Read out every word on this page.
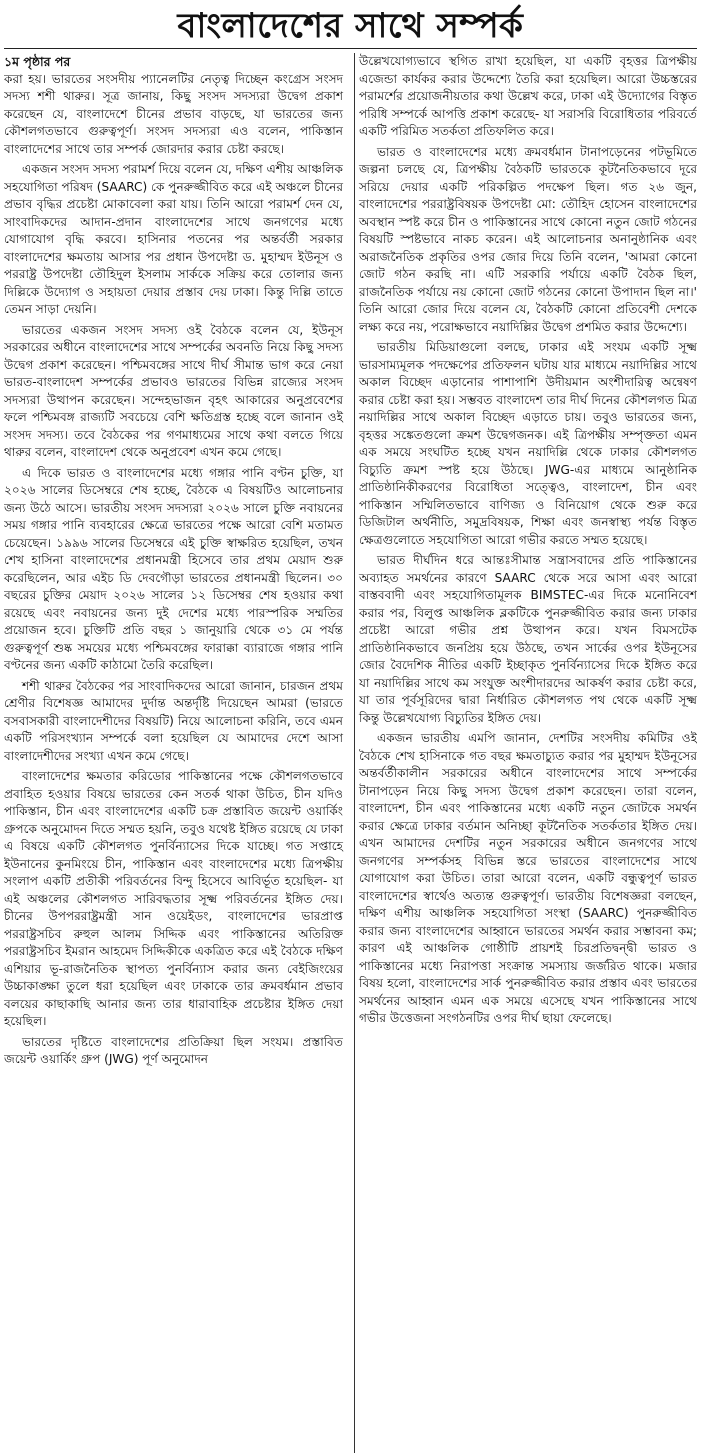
বাংলাদেশের সাথে সম্পর্ক

১ম পৃষ্ঠার পর

করা হয়। ভারতের সংসদীয় প্যানেলটির নেতৃত্ব দিচ্ছেন কংগ্রেস সংসদ সদস্য শশী থারুর। সূত্র জানায়, কিছু সংসদ সদস্যরা উদ্বেগ প্রকাশ করেছেন যে, বাংলাদেশে চীনের প্রভাব বাড়ছে, যা ভারতের জন্য কৌশলগতভাবে গুরুত্বপূর্ণ। সংসদ সদস্যরা এও বলেন, পাকিস্তান বাংলাদেশের সাথে তার সম্পর্ক জোরদার করার চেষ্টা করছে।

একজন সংসদ সদস্য পরামর্শ দিয়ে বলেন যে, দক্ষিণ এশীয় আঞ্চলিক সহযোগিতা পরিষদ (SAARC) কে পুনরুজ্জীবিত করে এই অঞ্চলে চীনের প্রভাব বৃদ্ধির প্রচেষ্টা মোকাবেলা করা যায়। তিনি আরো পরামর্শ দেন যে, সাংবাদিকদের আদান-প্রদান বাংলাদেশের সাথে জনগণের মধ্যে যোগাযোগ বৃদ্ধি করবে। হাসিনার পতনের পর অন্তর্বর্তী সরকার বাংলাদেশের ক্ষমতায় আসার পর প্রধান উপদেষ্টা ড. মুহাম্মদ ইউনূস ও পররাষ্ট্র উপদেষ্টা তৌহিদুল ইসলাম সার্ককে সক্রিয় করে তোলার জন্য দিল্লিকে উদ্যোগ ও সহায়তা দেয়ার প্রস্তাব দেয় ঢাকা। কিন্তু দিল্লি তাতে তেমন সাড়া দেয়নি।

ভারতের একজন সংসদ সদস্য ওই বৈঠকে বলেন যে, ইউনূস সরকারের অধীনে বাংলাদেশের সাথে সম্পর্কের অবনতি নিয়ে কিছু সদস্য উদ্বেগ প্রকাশ করেছেন। পশ্চিমবঙ্গের সাথে দীর্ঘ সীমান্ত ভাগ করে নেয়া ভারত-বাংলাদেশ সম্পর্কের প্রভাবও ভারতের বিভিন্ন রাজ্যের সংসদ সদস্যরা উত্থাপন করেছেন। সন্দেহভাজন বৃহৎ আকারের অনুপ্রবেশের ফলে পশ্চিমবঙ্গ রাজ্যটি সবচেয়ে বেশি ক্ষতিগ্রস্ত হচ্ছে বলে জানান ওই সংসদ সদস্য। তবে বৈঠকের পর গণমাধ্যমের সাথে কথা বলতে গিয়ে থারুর বলেন, বাংলাদেশ থেকে অনুপ্রবেশ এখন কমে গেছে।

এ দিকে ভারত ও বাংলাদেশের মধ্যে গঙ্গার পানি বণ্টন চুক্তি, যা ২০২৬ সালের ডিসেম্বরে শেষ হচ্ছে, বৈঠকে এ বিষয়টিও আলোচনার জন্য উঠে আসে। ভারতীয় সংসদ সদস্যরা ২০২৬ সালে চুক্তি নবায়নের সময় গঙ্গার পানি ব্যবহারের ক্ষেত্রে ভারতের পক্ষে আরো বেশি মতামত চেয়েছেন। ১৯৯৬ সালের ডিসেম্বরে এই চুক্তি স্বাক্ষরিত হয়েছিল, তখন শেখ হাসিনা বাংলাদেশের প্রধানমন্ত্রী হিসেবে তার প্রথম মেয়াদ শুরু করেছিলেন, আর এইচ ডি দেবগৌড়া ভারতের প্রধানমন্ত্রী ছিলেন। ৩০ বছরের চুক্তির মেয়াদ ২০২৬ সালের ১২ ডিসেম্বর শেষ হওয়ার কথা রয়েছে এবং নবায়নের জন্য দুই দেশের মধ্যে পারস্পরিক সম্মতির প্রয়োজন হবে। চুক্তিটি প্রতি বছর ১ জানুয়ারি থেকে ৩১ মে পর্যন্ত গুরুত্বপূর্ণ শুষ্ক সময়ের মধ্যে পশ্চিমবঙ্গের ফারাক্কা ব্যারাজে গঙ্গার পানি বণ্টনের জন্য একটি কাঠামো তৈরি করেছিল।

শশী থারুর বৈঠকের পর সাংবাদিকদের আরো জানান, চারজন প্রথম শ্রেণীর বিশেষজ্ঞ আমাদের দুর্দান্ত অন্তর্দৃষ্টি দিয়েছেন আমরা (ভারতে বসবাসকারী বাংলাদেশীদের বিষয়টি) নিয়ে আলোচনা করিনি, তবে এমন একটি পরিসংখ্যান সম্পর্কে বলা হয়েছিল যে আমাদের দেশে আসা বাংলাদেশীদের সংখ্যা এখন কমে গেছে।

বাংলাদেশের ক্ষমতার করিডোর পাকিস্তানের পক্ষে কৌশলগতভাবে প্রবাহিত হওয়ার বিষয়ে ভারতের কেন সতর্ক থাকা উচিত, চীন যদিও পাকিস্তান, চীন এবং বাংলাদেশের একটি চক্র প্রস্তাবিত জয়েন্ট ওয়ার্কিং গ্রুপকে অনুমোদন দিতে সম্মত হয়নি, তবুও যথেষ্ট ইঙ্গিত রয়েছে যে ঢাকা এ বিষয়ে একটি কৌশলগত পুনর্বিন্যাসের দিকে যাচ্ছে। গত সপ্তাহে ইউনানের কুনমিংয়ে চীন, পাকিস্তান এবং বাংলাদেশের মধ্যে ত্রিপক্ষীয় সংলাপ একটি প্রতীকী পরিবর্তনের বিন্দু হিসেবে আবির্ভূত হয়েছিল- যা এই অঞ্চলের কৌশলগত সারিবদ্ধতার সূক্ষ্ম পরিবর্তনের ইঙ্গিত দেয়। চীনের উপপররাষ্ট্রমন্ত্রী সান ওয়েইডং, বাংলাদেশের ভারপ্রাপ্ত পররাষ্ট্রসচিব রুহুল আলম সিদ্দিক এবং পাকিস্তানের অতিরিক্ত পররাষ্ট্রসচিব ইমরান আহমেদ সিদ্দিকীকে একত্রিত করে এই বৈঠকে দক্ষিণ এশিয়ার ভূ-রাজনৈতিক স্থাপত্য পুনর্বিন্যাস করার জন্য বেইজিংয়ের উচ্চাকাঙ্ক্ষা তুলে ধরা হয়েছিল এবং ঢাকাকে তার ক্রমবর্ধমান প্রভাব বলয়ের কাছাকাছি আনার জন্য তার ধারাবাহিক প্রচেষ্টার ইঙ্গিত দেয়া হয়েছিল।

ভারতের দৃষ্টিতে বাংলাদেশের প্রতিক্রিয়া ছিল সংযম। প্রস্তাবিত জয়েন্ট ওয়ার্কিং গ্রুপ (JWG) পূর্ণ অনুমোদন

উল্লেখযোগ্যভাবে স্থগিত রাখা হয়েছিল, যা একটি বৃহত্তর ত্রিপক্ষীয় এজেন্ডা কার্যকর করার উদ্দেশ্যে তৈরি করা হয়েছিল। আরো উচ্চস্তরের পরামর্শের প্রয়োজনীয়তার কথা উল্লেখ করে, ঢাকা এই উদ্যোগের বিস্তৃত পরিধি সম্পর্কে আপত্তি প্রকাশ করেছে- যা সরাসরি বিরোধিতার পরিবর্তে একটি পরিমিত সতর্কতা প্রতিফলিত করে।

ভারত ও বাংলাদেশের মধ্যে ক্রমবর্ধমান টানাপড়েনের পটভূমিতে জল্পনা চলছে যে, ত্রিপক্ষীয় বৈঠকটি ভারতকে কূটনৈতিকভাবে দূরে সরিয়ে দেয়ার একটি পরিকল্পিত পদক্ষেপ ছিল। গত ২৬ জুন, বাংলাদেশের পররাষ্ট্রবিষয়ক উপদেষ্টা মো: তৌহিদ হোসেন বাংলাদেশের অবস্থান স্পষ্ট করে চীন ও পাকিস্তানের সাথে কোনো নতুন জোট গঠনের বিষয়টি স্পষ্টভাবে নাকচ করেন। এই আলোচনার অনানুষ্ঠানিক এবং অরাজনৈতিক প্রকৃতির ওপর জোর দিয়ে তিনি বলেন, 'আমরা কোনো জোট গঠন করছি না। এটি সরকারি পর্যায়ে একটি বৈঠক ছিল, রাজনৈতিক পর্যায়ে নয় কোনো জোট গঠনের কোনো উপাদান ছিল না।' তিনি আরো জোর দিয়ে বলেন যে, বৈঠকটি কোনো প্রতিবেশী দেশকে লক্ষ্য করে নয়, পরোক্ষভাবে নয়াদিল্লির উদ্বেগ প্রশমিত করার উদ্দেশ্যে।

ভারতীয় মিডিয়াগুলো বলছে, ঢাকার এই সংযম একটি সূক্ষ্ম ভারসাম্যমূলক পদক্ষেপের প্রতিফলন ঘটায় যার মাধ্যমে নয়াদিল্লির সাথে অকাল বিচ্ছেদ এড়ানোর পাশাপাশি উদীয়মান অংশীদারিত্ব অন্বেষণ করার চেষ্টা করা হয়। সম্ভবত বাংলাদেশ তার দীর্ঘ দিনের কৌশলগত মিত্র নয়াদিল্লির সাথে অকাল বিচ্ছেদ এড়াতে চায়। তবুও ভারতের জন্য, বৃহত্তর সঙ্কেতগুলো ক্রমশ উদ্বেগজনক। এই ত্রিপক্ষীয় সম্পৃক্ততা এমন এক সময়ে সংঘটিত হচ্ছে যখন নয়াদিল্লি থেকে ঢাকার কৌশলগত বিচ্যুতি ক্রমশ স্পষ্ট হয়ে উঠছে। JWG-এর মাধ্যমে আনুষ্ঠানিক প্রাতিষ্ঠানিকীকরণের বিরোধিতা সত্ত্বেও, বাংলাদেশ, চীন এবং পাকিস্তান সম্মিলিতভাবে বাণিজ্য ও বিনিয়োগ থেকে শুরু করে ডিজিটাল অর্থনীতি, সমুদ্রবিষয়ক, শিক্ষা এবং জনস্বাস্থ্য পর্যন্ত বিস্তৃত ক্ষেত্রগুলোতে সহযোগিতা আরো গভীর করতে সম্মত হয়েছে।

ভারত দীর্ঘদিন ধরে আন্তঃসীমান্ত সন্ত্রাসবাদের প্রতি পাকিস্তানের অব্যাহত সমর্থনের কারণে SAARC থেকে সরে আসা এবং আরো বাস্তববাদী এবং সহযোগিতামূলক BIMSTEC-এর দিকে মনোনিবেশ করার পর, বিলুপ্ত আঞ্চলিক ব্লকটিকে পুনরুজ্জীবিত করার জন্য ঢাকার প্রচেষ্টা আরো গভীর প্রশ্ন উত্থাপন করে। যখন বিমসটেক প্রাতিষ্ঠানিকভাবে জনপ্রিয় হয়ে উঠছে, তখন সার্কের ওপর ইউনূসের জোর বৈদেশিক নীতির একটি ইচ্ছাকৃত পুনর্বিন্যাসের দিকে ইঙ্গিত করে যা নয়াদিল্লির সাথে কম সংযুক্ত অংশীদারদের আকর্ষণ করার চেষ্টা করে, যা তার পূর্বসূরিদের দ্বারা নির্ধারিত কৌশলগত পথ থেকে একটি সূক্ষ্ম কিন্তু উল্লেখযোগ্য বিচ্যুতির ইঙ্গিত দেয়।

একজন ভারতীয় এমপি জানান, দেশটির সংসদীয় কমিটির ওই বৈঠকে শেখ হাসিনাকে গত বছর ক্ষমতাচ্যুত করার পর মুহাম্মদ ইউনূসের অন্তর্বর্তীকালীন সরকারের অধীনে বাংলাদেশের সাথে সম্পর্কের টানাপড়েন নিয়ে কিছু সদস্য উদ্বেগ প্রকাশ করেছেন। তারা বলেন, বাংলাদেশ, চীন এবং পাকিস্তানের মধ্যে একটি নতুন জোটকে সমর্থন করার ক্ষেত্রে ঢাকার বর্তমান অনিচ্ছা কূটনৈতিক সতর্কতার ইঙ্গিত দেয়। এখন আমাদের দেশটির নতুন সরকারের অধীনে জনগণের সাথে জনগণের সম্পর্কসহ বিভিন্ন স্তরে ভারতের বাংলাদেশের সাথে যোগাযোগ করা উচিত। তারা আরো বলেন, একটি বন্ধুত্বপূর্ণ ভারত বাংলাদেশের স্বার্থেও অত্যন্ত গুরুত্বপূর্ণ। ভারতীয় বিশেষজ্ঞরা বলছেন, দক্ষিণ এশীয় আঞ্চলিক সহযোগিতা সংস্থা (SAARC) পুনরুজ্জীবিত করার জন্য বাংলাদেশের আহ্বানে ভারতের সমর্থন করার সম্ভাবনা কম; কারণ এই আঞ্চলিক গোষ্ঠীটি প্রায়শই চিরপ্রতিদ্বন্দ্বী ভারত ও পাকিস্তানের মধ্যে নিরাপত্তা সংক্রান্ত সমস্যায় জর্জরিত থাকে। মজার বিষয় হলো, বাংলাদেশের সার্ক পুনরুজ্জীবিত করার প্রস্তাব এবং ভারতের সমর্থনের আহ্বান এমন এক সময়ে এসেছে যখন পাকিস্তানের সাথে গভীর উত্তেজনা সংগঠনটির ওপর দীর্ঘ ছায়া ফেলেছে।
